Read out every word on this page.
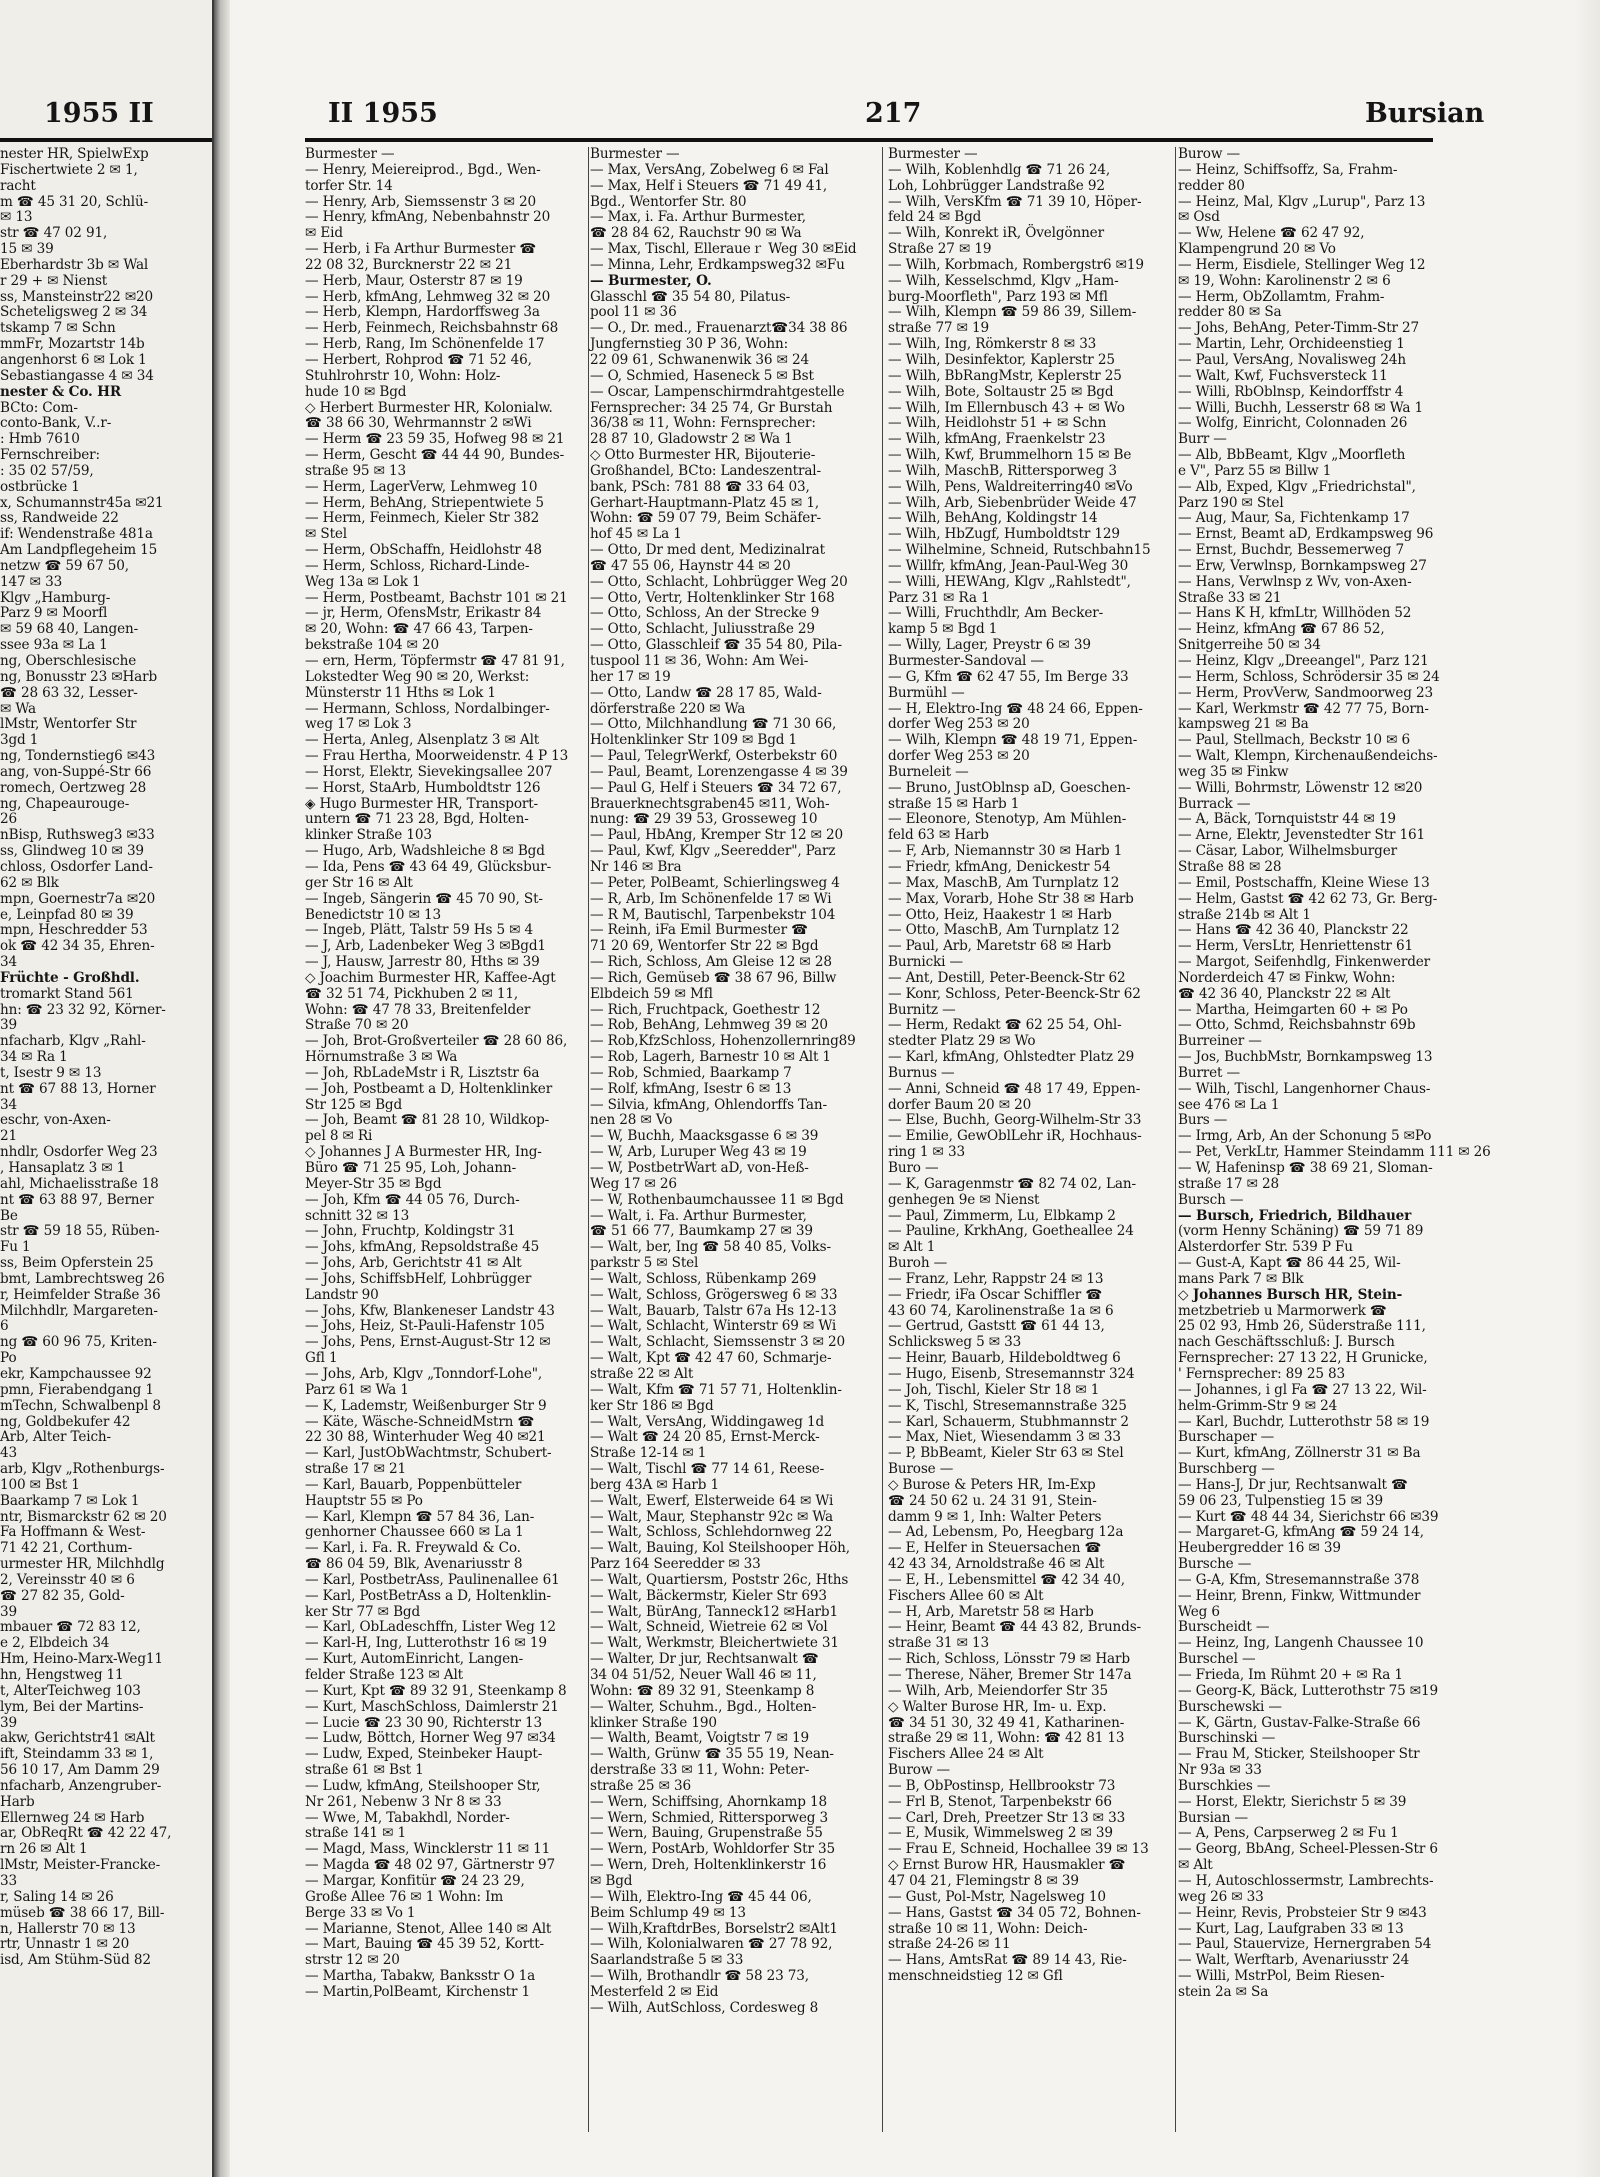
1955 II
nester HR, SpielwExp
Fischertwiete 2 ✉ 1,
racht
m ☎ 45 31 20, Schlü-
✉ 13
str ☎ 47 02 91,
15 ✉ 39
Eberhardstr 3b ✉ Wal
r 29 + ✉ Nienst
ss, Mansteinstr22 ✉20
Scheteligsweg 2 ✉ 34
tskamp 7 ✉ Schn
mmFr, Mozartstr 14b
angenhorst 6 ✉ Lok 1
Sebastiangasse 4 ✉ 34
nester & Co. HR
BCto: Com-
conto-Bank, V..r-
: Hmb 7610
Fernschreiber:
: 35 02 57/59,
ostbrücke 1
x, Schumannstr45a ✉21
ss, Randweide 22
if: Wendenstraße 481a
Am Landpflegeheim 15
netzw ☎ 59 67 50,
147 ✉ 33
Klgv „Hamburg-
Parz 9 ✉ Moorfl
✉ 59 68 40, Langen-
ssee 93a ✉ La 1
ng, Oberschlesische
ng, Bonusstr 23 ✉Harb
☎ 28 63 32, Lesser-
✉ Wa
lMstr, Wentorfer Str
3gd 1
ng, Tondernstieg6 ✉43
ang, von-Suppé-Str 66
romech, Oertzweg 28
ng, Chapeaurouge-
26
nBisp, Ruthsweg3 ✉33
ss, Glindweg 10 ✉ 39
chloss, Osdorfer Land-
62 ✉ Blk
mpn, Goernestr7a ✉20
e, Leinpfad 80 ✉ 39
mpn, Heschredder 53
ok ☎ 42 34 35, Ehren-
34
Früchte - Großhdl.
tromarkt Stand 561
hn: ☎ 23 32 92, Körner-
39
nfacharb, Klgv „Rahl-
34 ✉ Ra 1
t, Isestr 9 ✉ 13
nt ☎ 67 88 13, Horner
34
eschr, von-Axen-
21
nhdlr, Osdorfer Weg 23
, Hansaplatz 3 ✉ 1
ahl, Michaelisstraße 18
nt ☎ 63 88 97, Berner
Be
str ☎ 59 18 55, Rüben-
Fu 1
ss, Beim Opferstein 25
bmt, Lambrechtsweg 26
r, Heimfelder Straße 36
Milchhdlr, Margareten-
6
ng ☎ 60 96 75, Kriten-
Po
ekr, Kampchaussee 92
pmn, Fierabendgang 1
mTechn, Schwalbenpl 8
ng, Goldbekufer 42
Arb, Alter Teich-
43
arb, Klgv „Rothenburgs-
100 ✉ Bst 1
Baarkamp 7 ✉ Lok 1
ntr, Bismarckstr 62 ✉ 20
Fa Hoffmann & West-
71 42 21, Corthum-
urmester HR, Milchhdlg
2, Vereinsstr 40 ✉ 6
☎ 27 82 35, Gold-
39
mbauer ☎ 72 83 12,
e 2, Elbdeich 34
Hm, Heino-Marx-Weg11
hn, Hengstweg 11
t, AlterTeichweg 103
lym, Bei der Martins-
39
akw, Gerichtstr41 ✉Alt
ift, Steindamm 33 ✉ 1,
56 10 17, Am Damm 29
nfacharb, Anzengruber-
Harb
Ellernweg 24 ✉ Harb
ar, ObReqRt ☎ 42 22 47,
rn 26 ✉ Alt 1
lMstr, Meister-Francke-
33
r, Saling 14 ✉ 26
müseb ☎ 38 66 17, Bill-
n, Hallerstr 70 ✉ 13
rtr, Unnastr 1 ✉ 20
isd, Am Stühm-Süd 82
II 1955	217	Bursian
Burmester —
— Henry, Meiereiprod., Bgd., Wen-
torfer Str. 14
— Henry, Arb, Siemssenstr 3 ✉ 20
— Henry, kfmAng, Nebenbahnstr 20
✉ Eid
— Herb, i Fa Arthur Burmester ☎
22 08 32, Burcknerstr 22 ✉ 21
— Herb, Maur, Osterstr 87 ✉ 19
— Herb, kfmAng, Lehmweg 32 ✉ 20
— Herb, Klempn, Hardorffsweg 3a
— Herb, Feinmech, Reichsbahnstr 68
— Herb, Rang, Im Schönenfelde 17
— Herbert, Rohprod ☎ 71 52 46,
Stuhlrohrstr 10, Wohn: Holz-
hude 10 ✉ Bgd
◇ Herbert Burmester HR, Kolonialw.
☎ 38 66 30, Wehrmannstr 2 ✉Wi
— Herm ☎ 23 59 35, Hofweg 98 ✉ 21
— Herm, Gescht ☎ 44 44 90, Bundes-
straße 95 ✉ 13
— Herm, LagerVerw, Lehmweg 10
— Herm, BehAng, Striepentwiete 5
— Herm, Feinmech, Kieler Str 382
✉ Stel
— Herm, ObSchaffn, Heidlohstr 48
— Herm, Schloss, Richard-Linde-
Weg 13a ✉ Lok 1
— Herm, Postbeamt, Bachstr 101 ✉ 21
— jr, Herm, OfensMstr, Erikastr 84
✉ 20, Wohn: ☎ 47 66 43, Tarpen-
bekstraße 104 ✉ 20
— ern, Herm, Töpfermstr ☎ 47 81 91,
Lokstedter Weg 90 ✉ 20, Werkst:
Münsterstr 11 Hths ✉ Lok 1
— Hermann, Schloss, Nordalbinger-
weg 17 ✉ Lok 3
— Herta, Anleg, Alsenplatz 3 ✉ Alt
— Frau Hertha, Moorweidenstr. 4 P 13
— Horst, Elektr, Sievekingsallee 207
— Horst, StaArb, Humboldtstr 126
◈ Hugo Burmester HR, Transport-
untern ☎ 71 23 28, Bgd, Holten-
klinker Straße 103
— Hugo, Arb, Wadshleiche 8 ✉ Bgd
— Ida, Pens ☎ 43 64 49, Glücksbur-
ger Str 16 ✉ Alt
— Ingeb, Sängerin ☎ 45 70 90, St-
Benedictstr 10 ✉ 13
— Ingeb, Plätt, Talstr 59 Hs 5 ✉ 4
— J, Arb, Ladenbeker Weg 3 ✉Bgd1
— J, Hausw, Jarrestr 80, Hths ✉ 39
◇ Joachim Burmester HR, Kaffee-Agt
☎ 32 51 74, Pickhuben 2 ✉ 11,
Wohn: ☎ 47 78 33, Breitenfelder
Straße 70 ✉ 20
— Joh, Brot-Großverteiler ☎ 28 60 86,
Hörnumstraße 3 ✉ Wa
— Joh, RbLadeMstr i R, Lisztstr 6a
— Joh, Postbeamt a D, Holtenklinker
Str 125 ✉ Bgd
— Joh, Beamt ☎ 81 28 10, Wildkop-
pel 8 ✉ Ri
◇ Johannes J A Burmester HR, Ing-
Büro ☎ 71 25 95, Loh, Johann-
Meyer-Str 35 ✉ Bgd
— Joh, Kfm ☎ 44 05 76, Durch-
schnitt 32 ✉ 13
— John, Fruchtp, Koldingstr 31
— Johs, kfmAng, Repsoldstraße 45
— Johs, Arb, Gerichtstr 41 ✉ Alt
— Johs, SchiffsbHelf, Lohbrügger
Landstr 90
— Johs, Kfw, Blankeneser Landstr 43
— Johs, Heiz, St-Pauli-Hafenstr 105
— Johs, Pens, Ernst-August-Str 12 ✉
Gfl 1
— Johs, Arb, Klgv „Tonndorf-Lohe",
Parz 61 ✉ Wa 1
— K, Lademstr, Weißenburger Str 9
— Käte, Wäsche-SchneidMstrn ☎
22 30 88, Winterhuder Weg 40 ✉21
— Karl, JustObWachtmstr, Schubert-
straße 17 ✉ 21
— Karl, Bauarb, Poppenbütteler
Hauptstr 55 ✉ Po
— Karl, Klempn ☎ 57 84 36, Lan-
genhorner Chaussee 660 ✉ La 1
— Karl, i. Fa. R. Freywald & Co.
☎ 86 04 59, Blk, Avenariusstr 8
— Karl, PostbetrAss, Paulinenallee 61
— Karl, PostBetrAss a D, Holtenklin-
ker Str 77 ✉ Bgd
— Karl, ObLadeschffn, Lister Weg 12
— Karl-H, Ing, Lutterothstr 16 ✉ 19
— Kurt, AutomEinricht, Langen-
felder Straße 123 ✉ Alt
— Kurt, Kpt ☎ 89 32 91, Steenkamp 8
— Kurt, MaschSchloss, Daimlerstr 21
— Lucie ☎ 23 30 90, Richterstr 13
— Ludw, Böttch, Horner Weg 97 ✉34
— Ludw, Exped, Steinbeker Haupt-
straße 61 ✉ Bst 1
— Ludw, kfmAng, Steilshooper Str,
Nr 261, Nebenw 3 Nr 8 ✉ 33
— Wwe, M, Tabakhdl, Norder-
straße 141 ✉ 1
— Magd, Mass, Wincklerstr 11 ✉ 11
— Magda ☎ 48 02 97, Gärtnerstr 97
— Margar, Konfitür ☎ 24 23 29,
Große Allee 76 ✉ 1 Wohn: Im
Berge 33 ✉ Vo 1
— Marianne, Stenot, Allee 140 ✉ Alt
— Mart, Bauing ☎ 45 39 52, Kortt-
strstr 12 ✉ 20
— Martha, Tabakw, Banksstr O 1a
— Martin,PolBeamt, Kirchenstr 1
Burmester —
— Max, VersAng, Zobelweg 6 ✉ Fal
— Max, Helf i Steuers ☎ 71 49 41,
Bgd., Wentorfer Str. 80
— Max, i. Fa. Arthur Burmester,
☎ 28 84 62, Rauchstr 90 ✉ Wa
— Max, Tischl, Elleraueｒ Weg 30 ✉Eid
— Minna, Lehr, Erdkampsweg32 ✉Fu
— Burmester, O.
Glasschl ☎ 35 54 80, Pilatus-
pool 11 ✉ 36
— O., Dr. med., Frauenarzt☎34 38 86
Jungfernstieg 30 P 36, Wohn:
22 09 61, Schwanenwik 36 ✉ 24
— O, Schmied, Haseneck 5 ✉ Bst
— Oscar, Lampenschirmdrahtgestelle
Fernsprecher: 34 25 74, Gr Burstah
36/38 ✉ 11, Wohn: Fernsprecher:
28 87 10, Gladowstr 2 ✉ Wa 1
◇ Otto Burmester HR, Bijouterie-
Großhandel, BCto: Landeszentral-
bank, PSch: 781 88 ☎ 33 64 03,
Gerhart-Hauptmann-Platz 45 ✉ 1,
Wohn: ☎ 59 07 79, Beim Schäfer-
hof 45 ✉ La 1
— Otto, Dr med dent, Medizinalrat
☎ 47 55 06, Haynstr 44 ✉ 20
— Otto, Schlacht, Lohbrügger Weg 20
— Otto, Vertr, Holtenklinker Str 168
— Otto, Schloss, An der Strecke 9
— Otto, Schlacht, Juliusstraße 29
— Otto, Glasschleif ☎ 35 54 80, Pila-
tuspool 11 ✉ 36, Wohn: Am Wei-
her 17 ✉ 19
— Otto, Landw ☎ 28 17 85, Wald-
dörferstraße 220 ✉ Wa
— Otto, Milchhandlung ☎ 71 30 66,
Holtenklinker Str 109 ✉ Bgd 1
— Paul, TelegrWerkf, Osterbekstr 60
— Paul, Beamt, Lorenzengasse 4 ✉ 39
— Paul G, Helf i Steuers ☎ 34 72 67,
Brauerknechtsgraben45 ✉11, Woh-
nung: ☎ 29 39 53, Grosseweg 10
— Paul, HbAng, Kremper Str 12 ✉ 20
— Paul, Kwf, Klgv „Seeredder", Parz
Nr 146 ✉ Bra
— Peter, PolBeamt, Schierlingsweg 4
— R, Arb, Im Schönenfelde 17 ✉ Wi
— R M, Bautischl, Tarpenbekstr 104
— Reinh, iFa Emil Burmester ☎
71 20 69, Wentorfer Str 22 ✉ Bgd
— Rich, Schloss, Am Gleise 12 ✉ 28
— Rich, Gemüseb ☎ 38 67 96, Billw
Elbdeich 59 ✉ Mfl
— Rich, Fruchtpack, Goethestr 12
— Rob, BehAng, Lehmweg 39 ✉ 20
— Rob,KfzSchloss, Hohenzollernring89
— Rob, Lagerh, Barnestr 10 ✉ Alt 1
— Rob, Schmied, Baarkamp 7
— Rolf, kfmAng, Isestr 6 ✉ 13
— Silvia, kfmAng, Ohlendorffs Tan-
nen 28 ✉ Vo
— W, Buchh, Maacksgasse 6 ✉ 39
— W, Arb, Luruper Weg 43 ✉ 19
— W, PostbetrWart aD, von-Heß-
Weg 17 ✉ 26
— W, Rothenbaumchaussee 11 ✉ Bgd
— Walt, i. Fa. Arthur Burmester,
☎ 51 66 77, Baumkamp 27 ✉ 39
— Walt, ber, Ing ☎ 58 40 85, Volks-
parkstr 5 ✉ Stel
— Walt, Schloss, Rübenkamp 269
— Walt, Schloss, Grögersweg 6 ✉ 33
— Walt, Bauarb, Talstr 67a Hs 12-13
— Walt, Schlacht, Winterstr 69 ✉ Wi
— Walt, Schlacht, Siemssenstr 3 ✉ 20
— Walt, Kpt ☎ 42 47 60, Schmarje-
straße 22 ✉ Alt
— Walt, Kfm ☎ 71 57 71, Holtenklin-
ker Str 186 ✉ Bgd
— Walt, VersAng, Widdingaweg 1d
— Walt ☎ 24 20 85, Ernst-Merck-
Straße 12-14 ✉ 1
— Walt, Tischl ☎ 77 14 61, Reese-
berg 43A ✉ Harb 1
— Walt, Ewerf, Elsterweide 64 ✉ Wi
— Walt, Maur, Stephanstr 92c ✉ Wa
— Walt, Schloss, Schlehdornweg 22
— Walt, Bauing, Kol Steilshooper Höh,
Parz 164 Seeredder ✉ 33
— Walt, Quartiersm, Poststr 26c, Hths
— Walt, Bäckermstr, Kieler Str 693
— Walt, BürAng, Tanneck12 ✉Harb1
— Walt, Schneid, Wietreie 62 ✉ Vol
— Walt, Werkmstr, Bleichertwiete 31
— Walter, Dr jur, Rechtsanwalt ☎
34 04 51/52, Neuer Wall 46 ✉ 11,
Wohn: ☎ 89 32 91, Steenkamp 8
— Walter, Schuhm., Bgd., Holten-
klinker Straße 190
— Walth, Beamt, Voigtstr 7 ✉ 19
— Walth, Grünw ☎ 35 55 19, Nean-
derstraße 33 ✉ 11, Wohn: Peter-
straße 25 ✉ 36
— Wern, Schiffsing, Ahornkamp 18
— Wern, Schmied, Rittersporweg 3
— Wern, Bauing, Grupenstraße 55
— Wern, PostArb, Wohldorfer Str 35
— Wern, Dreh, Holtenklinkerstr 16
✉ Bgd
— Wilh, Elektro-Ing ☎ 45 44 06,
Beim Schlump 49 ✉ 13
— Wilh,KraftdrBes, Borselstr2 ✉Alt1
— Wilh, Kolonialwaren ☎ 27 78 92,
Saarlandstraße 5 ✉ 33
— Wilh, Brothandlr ☎ 58 23 73,
Mesterfeld 2 ✉ Eid
— Wilh, AutSchloss, Cordesweg 8
Burmester —
— Wilh, Koblenhdlg ☎ 71 26 24,
Loh, Lohbrügger Landstraße 92
— Wilh, VersKfm ☎ 71 39 10, Höper-
feld 24 ✉ Bgd
— Wilh, Konrekt iR, Övelgönner
Straße 27 ✉ 19
— Wilh, Korbmach, Rombergstr6 ✉19
— Wilh, Kesselschmd, Klgv „Ham-
burg-Moorfleth", Parz 193 ✉ Mfl
— Wilh, Klempn ☎ 59 86 39, Sillem-
straße 77 ✉ 19
— Wilh, Ing, Römkerstr 8 ✉ 33
— Wilh, Desinfektor, Kaplerstr 25
— Wilh, BbRangMstr, Keplerstr 25
— Wilh, Bote, Soltaustr 25 ✉ Bgd
— Wilh, Im Ellernbusch 43 + ✉ Wo
— Wilh, Heidlohstr 51 + ✉ Schn
— Wilh, kfmAng, Fraenkelstr 23
— Wilh, Kwf, Brummelhorn 15 ✉ Be
— Wilh, MaschB, Rittersporweg 3
— Wilh, Pens, Waldreiterring40 ✉Vo
— Wilh, Arb, Siebenbrüder Weide 47
— Wilh, BehAng, Koldingstr 14
— Wilh, HbZugf, Humboldtstr 129
— Wilhelmine, Schneid, Rutschbahn15
— Willfr, kfmAng, Jean-Paul-Weg 30
— Willi, HEWAng, Klgv „Rahlstedt",
Parz 31 ✉ Ra 1
— Willi, Fruchthdlr, Am Becker-
kamp 5 ✉ Bgd 1
— Willy, Lager, Preystr 6 ✉ 39
Burmester-Sandoval —
— G, Kfm ☎ 62 47 55, Im Berge 33
Burmühl —
— H, Elektro-Ing ☎ 48 24 66, Eppen-
dorfer Weg 253 ✉ 20
— Wilh, Klempn ☎ 48 19 71, Eppen-
dorfer Weg 253 ✉ 20
Burneleit —
— Bruno, JustOblnsp aD, Goeschen-
straße 15 ✉ Harb 1
— Eleonore, Stenotyp, Am Mühlen-
feld 63 ✉ Harb
— F, Arb, Niemannstr 30 ✉ Harb 1
— Friedr, kfmAng, Denickestr 54
— Max, MaschB, Am Turnplatz 12
— Max, Vorarb, Hohe Str 38 ✉ Harb
— Otto, Heiz, Haakestr 1 ✉ Harb
— Otto, MaschB, Am Turnplatz 12
— Paul, Arb, Maretstr 68 ✉ Harb
Burnicki —
— Ant, Destill, Peter-Beenck-Str 62
— Konr, Schloss, Peter-Beenck-Str 62
Burnitz —
— Herm, Redakt ☎ 62 25 54, Ohl-
stedter Platz 29 ✉ Wo
— Karl, kfmAng, Ohlstedter Platz 29
Burnus —
— Anni, Schneid ☎ 48 17 49, Eppen-
dorfer Baum 20 ✉ 20
— Else, Buchh, Georg-Wilhelm-Str 33
— Emilie, GewOblLehr iR, Hochhaus-
ring 1 ✉ 33
Buro —
— K, Garagenmstr ☎ 82 74 02, Lan-
genhegen 9e ✉ Nienst
— Paul, Zimmerm, Lu, Elbkamp 2
— Pauline, KrkhAng, Goetheallee 24
✉ Alt 1
Buroh —
— Franz, Lehr, Rappstr 24 ✉ 13
— Friedr, iFa Oscar Schiffler ☎
43 60 74, Karolinenstraße 1a ✉ 6
— Gertrud, Gaststt ☎ 61 44 13,
Schlicksweg 5 ✉ 33
— Heinr, Bauarb, Hildeboldtweg 6
— Hugo, Eisenb, Stresemannstr 324
— Joh, Tischl, Kieler Str 18 ✉ 1
— K, Tischl, Stresemannstraße 325
— Karl, Schauerm, Stubhmannstr 2
— Max, Niet, Wiesendamm 3 ✉ 33
— P, BbBeamt, Kieler Str 63 ✉ Stel
Burose —
◇ Burose & Peters HR, Im-Exp
☎ 24 50 62 u. 24 31 91, Stein-
damm 9 ✉ 1, Inh: Walter Peters
— Ad, Lebensm, Po, Heegbarg 12a
— E, Helfer in Steuersachen ☎
42 43 34, Arnoldstraße 46 ✉ Alt
— E, H., Lebensmittel ☎ 42 34 40,
Fischers Allee 60 ✉ Alt
— H, Arb, Maretstr 58 ✉ Harb
— Heinr, Beamt ☎ 44 43 82, Brunds-
straße 31 ✉ 13
— Rich, Schloss, Lönsstr 79 ✉ Harb
— Therese, Näher, Bremer Str 147a
— Wilh, Arb, Meiendorfer Str 35
◇ Walter Burose HR, Im- u. Exp.
☎ 34 51 30, 32 49 41, Katharinen-
straße 29 ✉ 11, Wohn: ☎ 42 81 13
Fischers Allee 24 ✉ Alt
Burow —
— B, ObPostinsp, Hellbrookstr 73
— Frl B, Stenot, Tarpenbekstr 66
— Carl, Dreh, Preetzer Str 13 ✉ 33
— E, Musik, Wimmelsweg 2 ✉ 39
— Frau E, Schneid, Hochallee 39 ✉ 13
◇ Ernst Burow HR, Hausmakler ☎
47 04 21, Flemingstr 8 ✉ 39
— Gust, Pol-Mstr, Nagelsweg 10
— Hans, Gastst ☎ 34 05 72, Bohnen-
straße 10 ✉ 11, Wohn: Deich-
straße 24-26 ✉ 11
— Hans, AmtsRat ☎ 89 14 43, Rie-
menschneidstieg 12 ✉ Gfl
Burow —
— Heinz, Schiffsoffz, Sa, Frahm-
redder 80
— Heinz, Mal, Klgv „Lurup", Parz 13
✉ Osd
— Ww, Helene ☎ 62 47 92,
Klampengrund 20 ✉ Vo
— Herm, Eisdiele, Stellinger Weg 12
✉ 19, Wohn: Karolinenstr 2 ✉ 6
— Herm, ObZollamtm, Frahm-
redder 80 ✉ Sa
— Johs, BehAng, Peter-Timm-Str 27
— Martin, Lehr, Orchideenstieg 1
— Paul, VersAng, Novalisweg 24h
— Walt, Kwf, Fuchsversteck 11
— Willi, RbOblnsp, Keindorffstr 4
— Willi, Buchh, Lesserstr 68 ✉ Wa 1
— Wolfg, Einricht, Colonnaden 26
Burr —
— Alb, BbBeamt, Klgv „Moorfleth
e V", Parz 55 ✉ Billw 1
— Alb, Exped, Klgv „Friedrichstal",
Parz 190 ✉ Stel
— Aug, Maur, Sa, Fichtenkamp 17
— Ernst, Beamt aD, Erdkampsweg 96
— Ernst, Buchdr, Bessemerweg 7
— Erw, Verwlnsp, Bornkampsweg 27
— Hans, Verwlnsp z Wv, von-Axen-
Straße 33 ✉ 21
— Hans K H, kfmLtr, Willhöden 52
— Heinz, kfmAng ☎ 67 86 52,
Snitgerreihe 50 ✉ 34
— Heinz, Klgv „Dreeangel", Parz 121
— Herm, Schloss, Schrödersir 35 ✉ 24
— Herm, ProvVerw, Sandmoorweg 23
— Karl, Werkmstr ☎ 42 77 75, Born-
kampsweg 21 ✉ Ba
— Paul, Stellmach, Beckstr 10 ✉ 6
— Walt, Klempn, Kirchenaußendeichs-
weg 35 ✉ Finkw
— Willi, Bohrmstr, Löwenstr 12 ✉20
Burrack —
— A, Bäck, Tornquiststr 44 ✉ 19
— Arne, Elektr, Jevenstedter Str 161
— Cäsar, Labor, Wilhelmsburger
Straße 88 ✉ 28
— Emil, Postschaffn, Kleine Wiese 13
— Helm, Gastst ☎ 42 62 73, Gr. Berg-
straße 214b ✉ Alt 1
— Hans ☎ 42 36 40, Planckstr 22
— Herm, VersLtr, Henriettenstr 61
— Margot, Seifenhdlg, Finkenwerder
Norderdeich 47 ✉ Finkw, Wohn:
☎ 42 36 40, Planckstr 22 ✉ Alt
— Martha, Heimgarten 60 + ✉ Po
— Otto, Schmd, Reichsbahnstr 69b
Burreiner —
— Jos, BuchbMstr, Bornkampsweg 13
Burret —
— Wilh, Tischl, Langenhorner Chaus-
see 476 ✉ La 1
Burs —
— Irmg, Arb, An der Schonung 5 ✉Po
— Pet, VerkLtr, Hammer Steindamm 111 ✉ 26
— W, Hafeninsp ☎ 38 69 21, Sloman-
straße 17 ✉ 28
Bursch —
— Bursch, Friedrich, Bildhauer
(vorm Henny Schäning) ☎ 59 71 89
Alsterdorfer Str. 539 P Fu
— Gust-A, Kapt ☎ 86 44 25, Wil-
mans Park 7 ✉ Blk
◇ Johannes Bursch HR, Stein-
metzbetrieb u Marmorwerk ☎
25 02 93, Hmb 26, Süderstraße 111,
nach Geschäftsschluß: J. Bursch
Fernsprecher: 27 13 22, H Grunicke,
' Fernsprecher: 89 25 83
— Johannes, i gl Fa ☎ 27 13 22, Wil-
helm-Grimm-Str 9 ✉ 24
— Karl, Buchdr, Lutterothstr 58 ✉ 19
Burschaper —
— Kurt, kfmAng, Zöllnerstr 31 ✉ Ba
Burschberg —
— Hans-J, Dr jur, Rechtsanwalt ☎
59 06 23, Tulpenstieg 15 ✉ 39
— Kurt ☎ 48 44 34, Sierichstr 66 ✉39
— Margaret-G, kfmAng ☎ 59 24 14,
Heubergredder 16 ✉ 39
Bursche —
— G-A, Kfm, Stresemannstraße 378
— Heinr, Brenn, Finkw, Wittmunder
Weg 6
Burscheidt —
— Heinz, Ing, Langenh Chaussee 10
Burschel —
— Frieda, Im Rühmt 20 + ✉ Ra 1
— Georg-K, Bäck, Lutterothstr 75 ✉19
Burschewski —
— K, Gärtn, Gustav-Falke-Straße 66
Burschinski —
— Frau M, Sticker, Steilshooper Str
Nr 93a ✉ 33
Burschkies —
— Horst, Elektr, Sierichstr 5 ✉ 39
Bursian —
— A, Pens, Carpserweg 2 ✉ Fu 1
— Georg, BbAng, Scheel-Plessen-Str 6
✉ Alt
— H, Autoschlossermstr, Lambrechts-
weg 26 ✉ 33
— Heinr, Revis, Probsteier Str 9 ✉43
— Kurt, Lag, Laufgraben 33 ✉ 13
— Paul, Stauervize, Hernergraben 54
— Walt, Werftarb, Avenariusstr 24
— Willi, MstrPol, Beim Riesen-
stein 2a ✉ Sa
